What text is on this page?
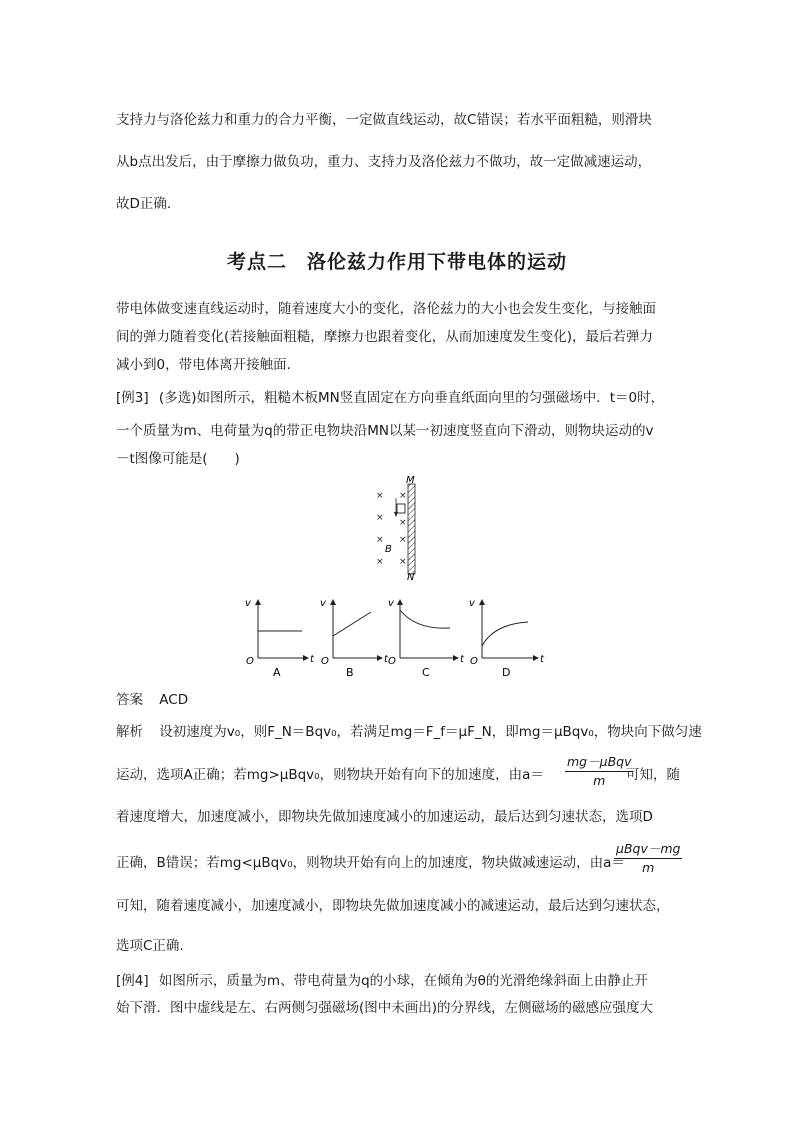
支持力与洛伦兹力和重力的合力平衡，一定做直线运动，故C错误；若水平面粗糙，则滑块
从b点出发后，由于摩擦力做负功，重力、支持力及洛伦兹力不做功，故一定做减速运动，
故D正确.
考点二　洛伦兹力作用下带电体的运动
带电体做变速直线运动时，随着速度大小的变化，洛伦兹力的大小也会发生变化，与接触面
间的弹力随着变化(若接触面粗糙，摩擦力也跟着变化，从而加速度发生变化)，最后若弹力
减小到0，带电体离开接触面.
[例3] (多选)如图所示，粗糙木板MN竖直固定在方向垂直纸面向里的匀强磁场中．t＝0时，
一个质量为m、电荷量为q的带正电物块沿MN以某一初速度竖直向下滑动，则物块运动的v
－t图像可能是(　　)
× ×
× ×
× ×
× ×
M
N
B
v
t
O
A
v
t
O
B
v
t
O
C
v
t
O
D
答案 ACD
解析 设初速度为v₀，则F_N＝Bqv₀，若满足mg＝F_f＝μF_N，即mg＝μBqv₀，物块向下做匀速
运动，选项A正确；若mg>μBqv₀，则物块开始有向下的加速度，由a＝
mg－μBqv
m	可知，随
着速度增大，加速度减小，即物块先做加速度减小的加速运动，最后达到匀速状态，选项D
正确，B错误；若mg<μBqv₀，则物块开始有向上的加速度，物块做减速运动，由a＝
μBqv－mg
m
可知，随着速度减小，加速度减小，即物块先做加速度减小的减速运动，最后达到匀速状态，
选项C正确.
[例4] 如图所示，质量为m、带电荷量为q的小球，在倾角为θ的光滑绝缘斜面上由静止开
始下滑．图中虚线是左、右两侧匀强磁场(图中未画出)的分界线，左侧磁场的磁感应强度大
